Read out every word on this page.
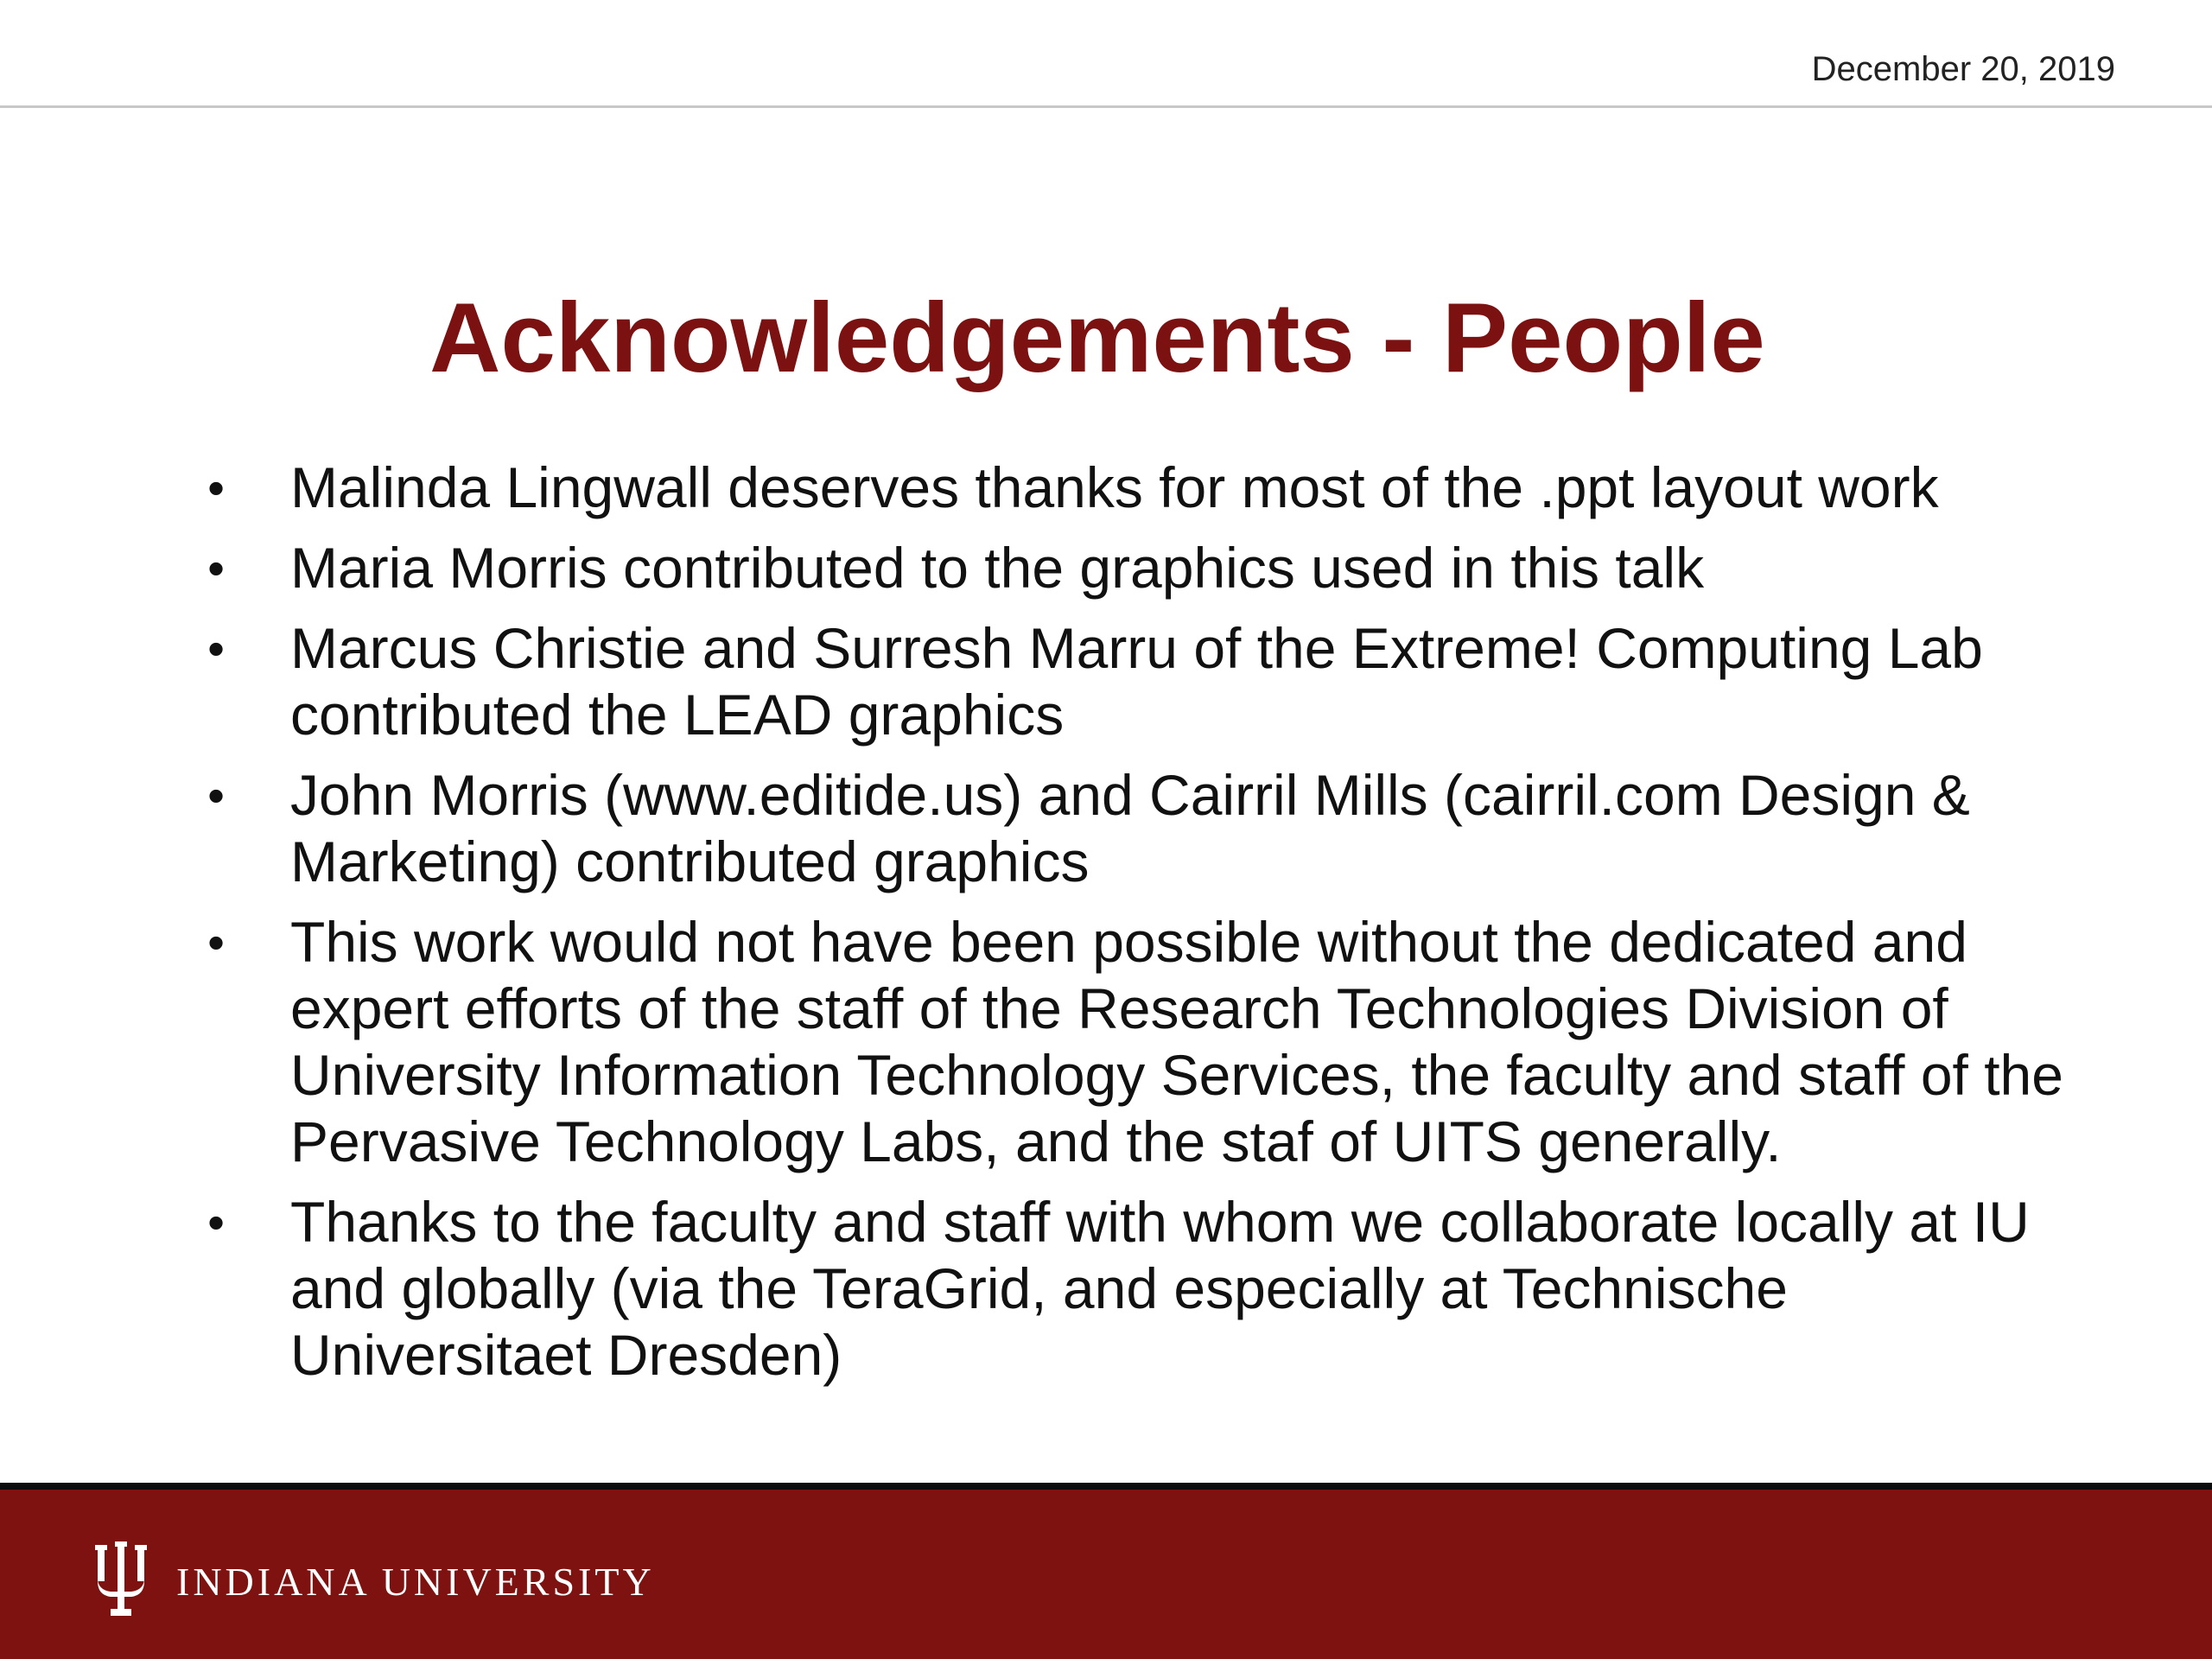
December 20, 2019
Acknowledgements - People
• Malinda Lingwall deserves thanks for most of the .ppt layout work
• Maria Morris contributed to the graphics used in this talk
• Marcus Christie and Surresh Marru of the Extreme! Computing Lab contributed the LEAD graphics
• John Morris (www.editide.us) and Cairril Mills (cairril.com Design & Marketing) contributed graphics
• This work would not have been possible without the dedicated and expert efforts of the staff of the Research Technologies Division of University Information Technology Services, the faculty and staff of the Pervasive Technology Labs, and the staf of UITS generally.
• Thanks to the faculty and staff with whom we collaborate locally at IU and globally (via the TeraGrid, and especially at Technische Universitaet Dresden)
INDIANA UNIVERSITY
